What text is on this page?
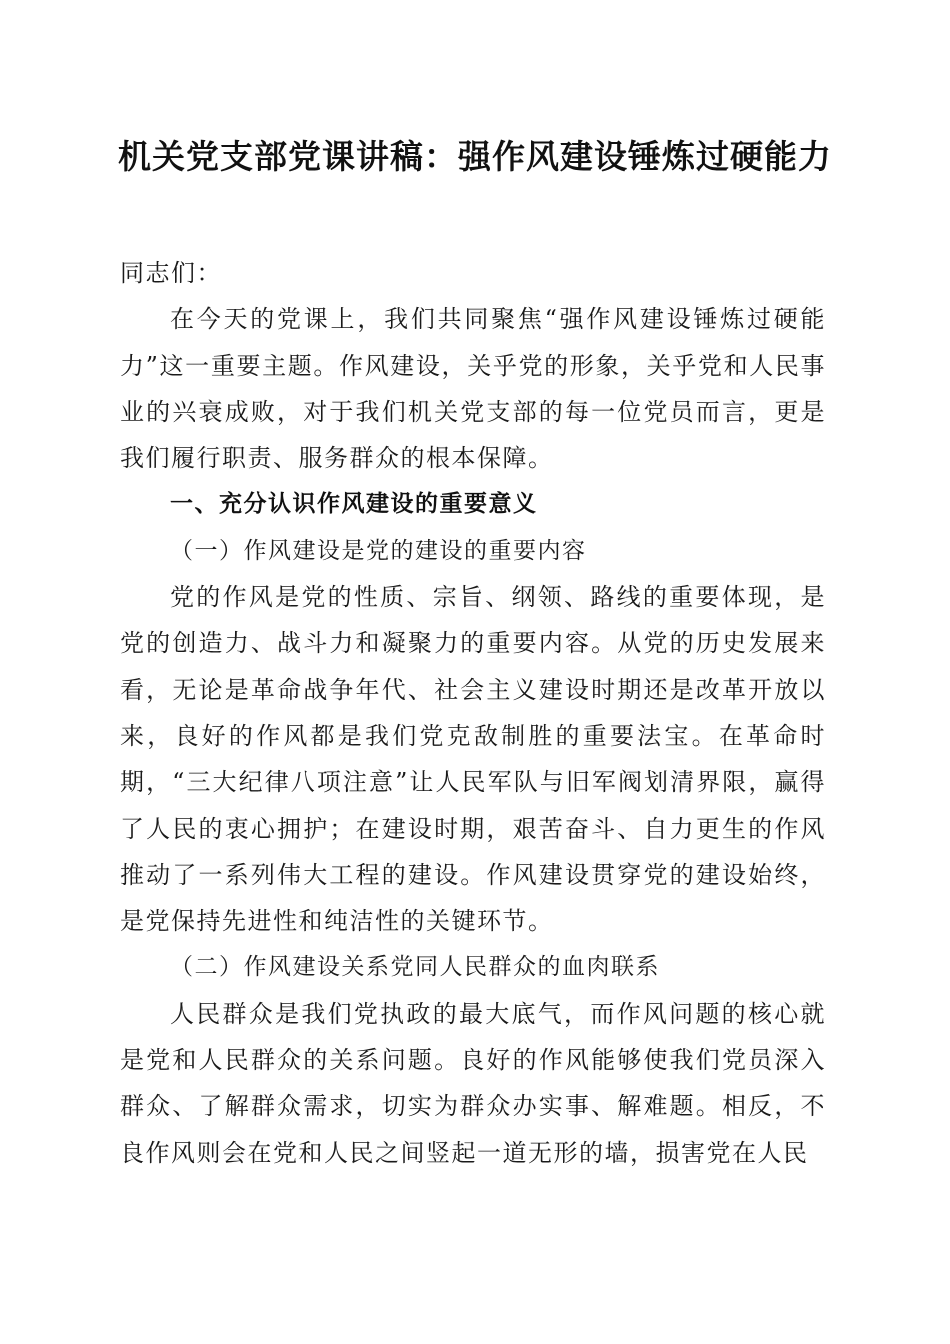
机关党支部党课讲稿：强作风建设锤炼过硬能力

同志们：

在今天的党课上，我们共同聚焦“强作风建设锤炼过硬能力”这一重要主题。作风建设，关乎党的形象，关乎党和人民事业的兴衰成败，对于我们机关党支部的每一位党员而言，更是我们履行职责、服务群众的根本保障。

一、充分认识作风建设的重要意义

（一）作风建设是党的建设的重要内容

党的作风是党的性质、宗旨、纲领、路线的重要体现，是党的创造力、战斗力和凝聚力的重要内容。从党的历史发展来看，无论是革命战争年代、社会主义建设时期还是改革开放以来，良好的作风都是我们党克敌制胜的重要法宝。在革命时期，“三大纪律八项注意”让人民军队与旧军阀划清界限，赢得了人民的衷心拥护；在建设时期，艰苦奋斗、自力更生的作风推动了一系列伟大工程的建设。作风建设贯穿党的建设始终，是党保持先进性和纯洁性的关键环节。

（二）作风建设关系党同人民群众的血肉联系

人民群众是我们党执政的最大底气，而作风问题的核心就是党和人民群众的关系问题。良好的作风能够使我们党员深入群众、了解群众需求，切实为群众办实事、解难题。相反，不良作风则会在党和人民之间竖起一道无形的墙，损害党在人民
